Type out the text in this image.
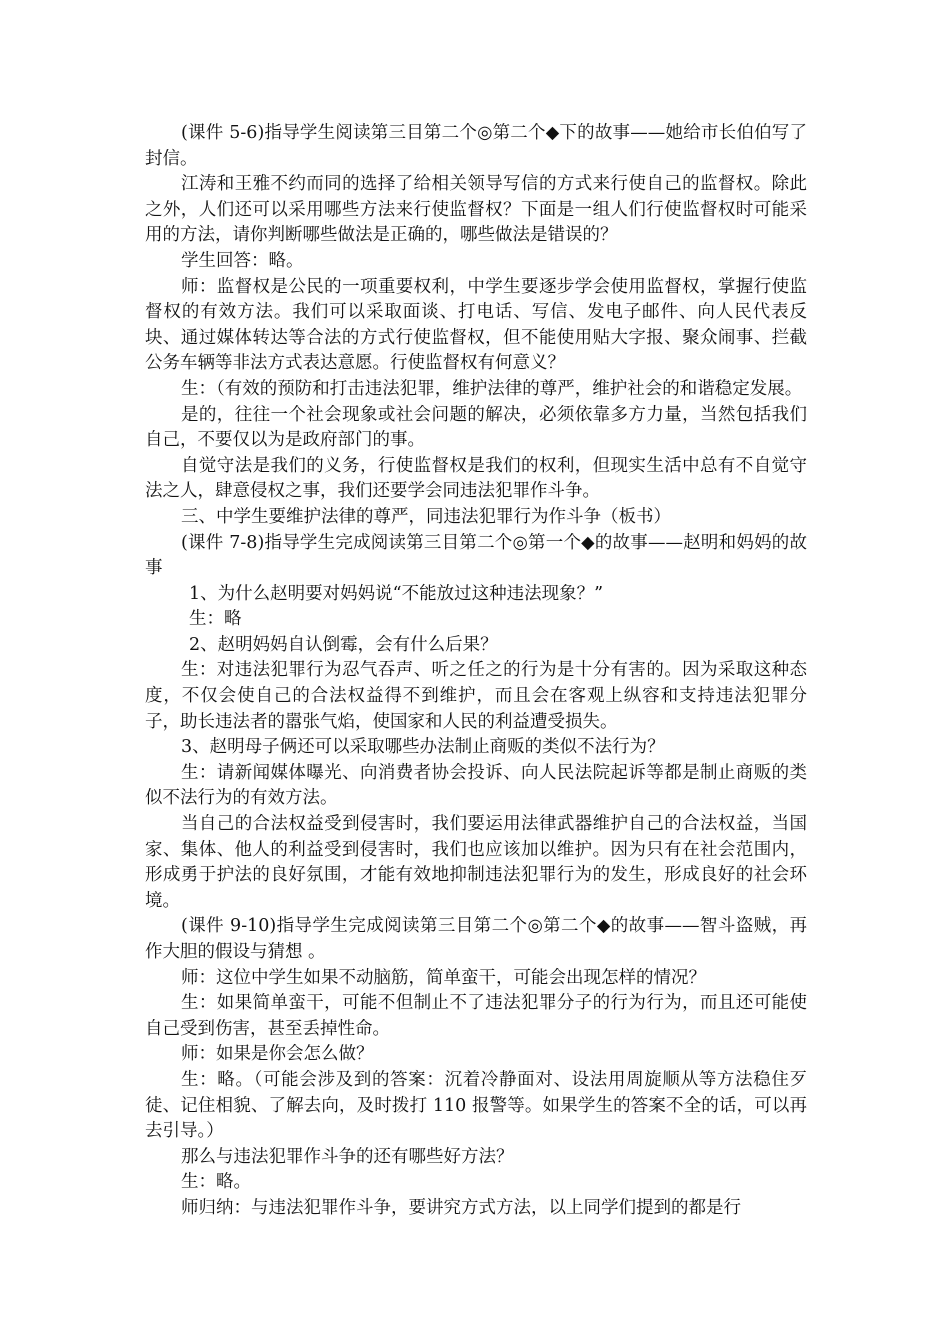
(课件 5-6)指导学生阅读第三目第二个◎第二个◆下的故事——她给市长伯伯写了封信。

江涛和王雅不约而同的选择了给相关领导写信的方式来行使自己的监督权。除此之外，人们还可以采用哪些方法来行使监督权？下面是一组人们行使监督权时可能采用的方法，请你判断哪些做法是正确的，哪些做法是错误的？

学生回答：略。

师：监督权是公民的一项重要权利，中学生要逐步学会使用监督权，掌握行使监督权的有效方法。我们可以采取面谈、打电话、写信、发电子邮件、向人民代表反块、通过媒体转达等合法的方式行使监督权，但不能使用贴大字报、聚众闹事、拦截公务车辆等非法方式表达意愿。行使监督权有何意义？

生：（有效的预防和打击违法犯罪，维护法律的尊严，维护社会的和谐稳定发展。

是的，往往一个社会现象或社会问题的解决，必须依靠多方力量，当然包括我们自己，不要仅以为是政府部门的事。

自觉守法是我们的义务，行使监督权是我们的权利，但现实生活中总有不自觉守法之人，肆意侵权之事，我们还要学会同违法犯罪作斗争。

三、中学生要维护法律的尊严，同违法犯罪行为作斗争（板书）

(课件 7-8)指导学生完成阅读第三目第二个◎第一个◆的故事——赵明和妈妈的故事

1、为什么赵明要对妈妈说“不能放过这种违法现象？”

生：略

2、赵明妈妈自认倒霉，会有什么后果？

生：对违法犯罪行为忍气吞声、听之任之的行为是十分有害的。因为采取这种态度，不仅会使自己的合法权益得不到维护，而且会在客观上纵容和支持违法犯罪分子，助长违法者的嚣张气焰，使国家和人民的利益遭受损失。

3、赵明母子俩还可以采取哪些办法制止商贩的类似不法行为？

生：请新闻媒体曝光、向消费者协会投诉、向人民法院起诉等都是制止商贩的类似不法行为的有效方法。

当自己的合法权益受到侵害时，我们要运用法律武器维护自己的合法权益，当国家、集体、他人的利益受到侵害时，我们也应该加以维护。因为只有在社会范围内，形成勇于护法的良好氛围，才能有效地抑制违法犯罪行为的发生，形成良好的社会环境。

(课件 9-10)指导学生完成阅读第三目第二个◎第二个◆的故事——智斗盗贼，再作大胆的假设与猜想 。

师：这位中学生如果不动脑筋，简单蛮干，可能会出现怎样的情况？

生：如果简单蛮干，可能不但制止不了违法犯罪分子的行为行为，而且还可能使自己受到伤害，甚至丢掉性命。

师：如果是你会怎么做？

生：略。（可能会涉及到的答案：沉着冷静面对、设法用周旋顺从等方法稳住歹徒、记住相貌、了解去向，及时拨打 110 报警等。如果学生的答案不全的话，可以再去引导。）

那么与违法犯罪作斗争的还有哪些好方法？

生：略。

师归纳：与违法犯罪作斗争，要讲究方式方法，以上同学们提到的都是行
